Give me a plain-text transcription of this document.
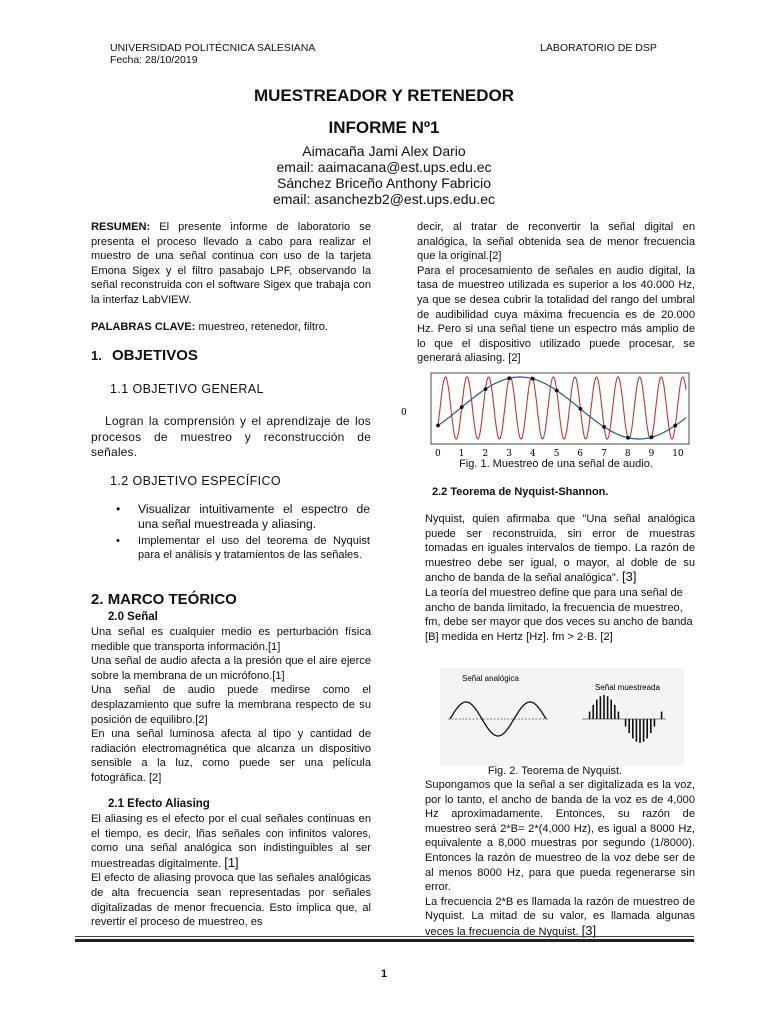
UNIVERSIDAD POLITÉCNICA SALESIANA
Fecha: 28/10/2019
LABORATORIO DE DSP
MUESTREADOR Y RETENEDOR
INFORME Nº1
Aimacaña Jami Alex Dario
email: aaimacana@est.ups.edu.ec
Sánchez Briceño Anthony Fabricio
email: asanchezb2@est.ups.edu.ec
RESUMEN: El presente informe de laboratorio se presenta el proceso llevado a cabo para realizar el muestro de una señal continua con uso de la tarjeta Emona Sigex y el filtro pasabajo LPF, observando la señal reconstruida con el software Sigex que trabaja con la interfaz LabVIEW.
PALABRAS CLAVE: muestreo, retenedor, filtro.
1. OBJETIVOS
1.1 OBJETIVO GENERAL
Logran la comprensión y el aprendizaje de los procesos de muestreo y reconstrucción de señales.
1.2 OBJETIVO ESPECÍFICO
• Visualizar intuitivamente el espectro de una señal muestreada y aliasing.
• Implementar el uso del teorema de Nyquist para el análisis y tratamientos de las señales.
2. MARCO TEÓRICO
2.0 Señal
Una señal es cualquier medio es perturbación física medible que transporta información.[1]
Una señal de audio afecta a la presión que el aire ejerce sobre la membrana de un micrófono.[1]
Una señal de audio puede medirse como el desplazamiento que sufre la membrana respecto de su posición de equilibro.[2]
En una señal luminosa afecta al tipo y cantidad de radiación electromagnética que alcanza un dispositivo sensible a la luz, como puede ser una película fotográfica. [2]
2.1 Efecto Aliasing
El aliasing es el efecto por el cual señales continuas en el tiempo, es decir, lñas señales con infinitos valores, como una señal analógica son indistinguibles al ser muestreadas digitalmente. [1]
El efecto de aliasing provoca que las señales analógicas de alta frecuencia sean representadas por señales digitalizadas de menor frecuencia. Esto implica que, al revertir el proceso de muestreo, es
decir, al tratar de reconvertir la señal digital en analógica, la señal obtenida sea de menor frecuencia que la original.[2]
Para el procesamiento de señales en audio digital, la tasa de muestreo utilizada es superior a los 40.000 Hz, ya que se desea cubrir la totalidad del rango del umbral de audibilidad cuya máxima frecuencia es de 20.000 Hz. Pero si una señal tiene un espectro más amplio de lo que el dispositivo utilizado puede procesar, se generará aliasing. [2]
0
0 1 2 3 4 5 6 7 8 9 10
Fig. 1. Muestreo de una señal de audio.
2.2 Teorema de Nyquist-Shannon.
Nyquist, quien afirmaba que "Una señal analógica puede ser reconstruida, sin error de muestras tomadas en iguales intervalos de tiempo. La razón de muestreo debe ser igual, o mayor, al doble de su ancho de banda de la señal analógica". [3]
La teoría del muestreo define que para una señal de ancho de banda limitado, la frecuencia de muestreo, fm, debe ser mayor que dos veces su ancho de banda [B] medida en Hertz [Hz]. fm > 2·B. [2]
Señal analógica
Señal muestreada
Fig. 2. Teorema de Nyquist.
Supongamos que la señal a ser digitalizada es la voz, por lo tanto, el ancho de banda de la voz es de 4,000 Hz aproximadamente. Entonces, su razón de muestreo será 2*B= 2*(4,000 Hz), es igual a 8000 Hz, equivalente a 8,000 muestras por segundo (1/8000). Entonces la razón de muestreo de la voz debe ser de al menos 8000 Hz, para que pueda regenerarse sin error.
La frecuencia 2*B es llamada la razón de muestreo de Nyquist. La mitad de su valor, es llamada algunas veces la frecuencia de Nyquist. [3]
1
